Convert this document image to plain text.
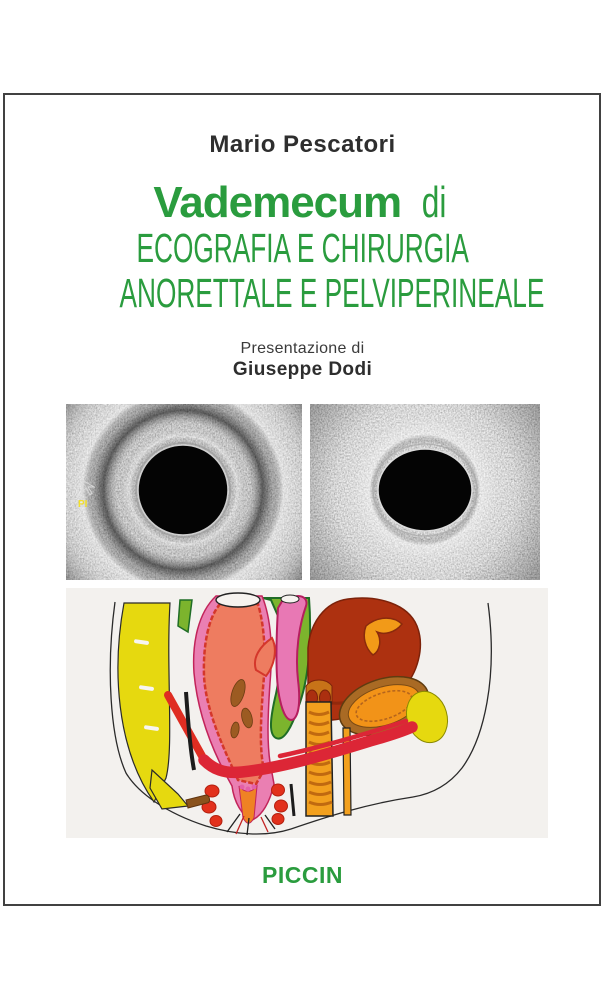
Mario Pescatori
Vademecum di
ECOGRAFIA E CHIRURGIA
ANORETTALE E PELVIPERINEALE
Presentazione di
Giuseppe Dodi
PI
PICCIN
